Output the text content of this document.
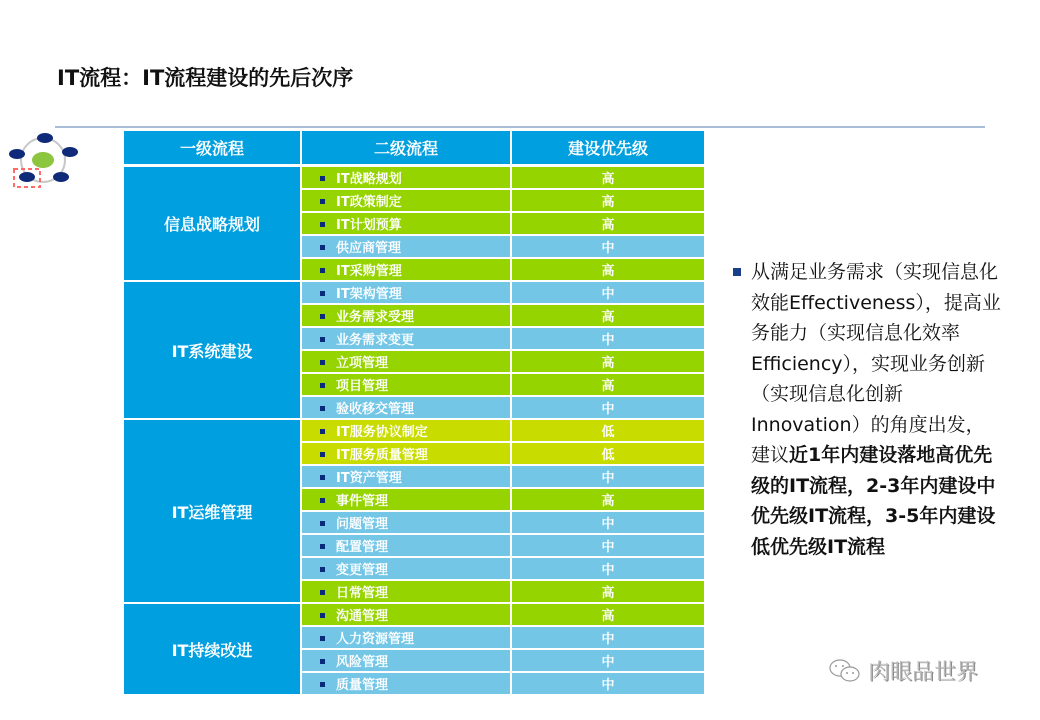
IT流程：IT流程建设的先后次序
一级流程	二级流程	建设优先级
信息战略规划	IT战略规划	高
	IT政策制定	高
	IT计划预算	高
	供应商管理	中
	IT采购管理	高
IT系统建设	IT架构管理	中
	业务需求受理	高
	业务需求变更	中
	立项管理	高
	项目管理	高
	验收移交管理	中
IT运维管理	IT服务协议制定	低
	IT服务质量管理	低
	IT资产管理	中
	事件管理	高
	问题管理	中
	配置管理	中
	变更管理	中
	日常管理	高
IT持续改进	沟通管理	高
	人力资源管理	中
	风险管理	中
	质量管理	中
从满足业务需求（实现信息化效能Effectiveness），提高业务能力（实现信息化效率Efficiency），实现业务创新（实现信息化创新Innovation）的角度出发，建议近1年内建设落地高优先级的IT流程，2-3年内建设中优先级IT流程，3-5年内建设低优先级IT流程
肉眼品世界
